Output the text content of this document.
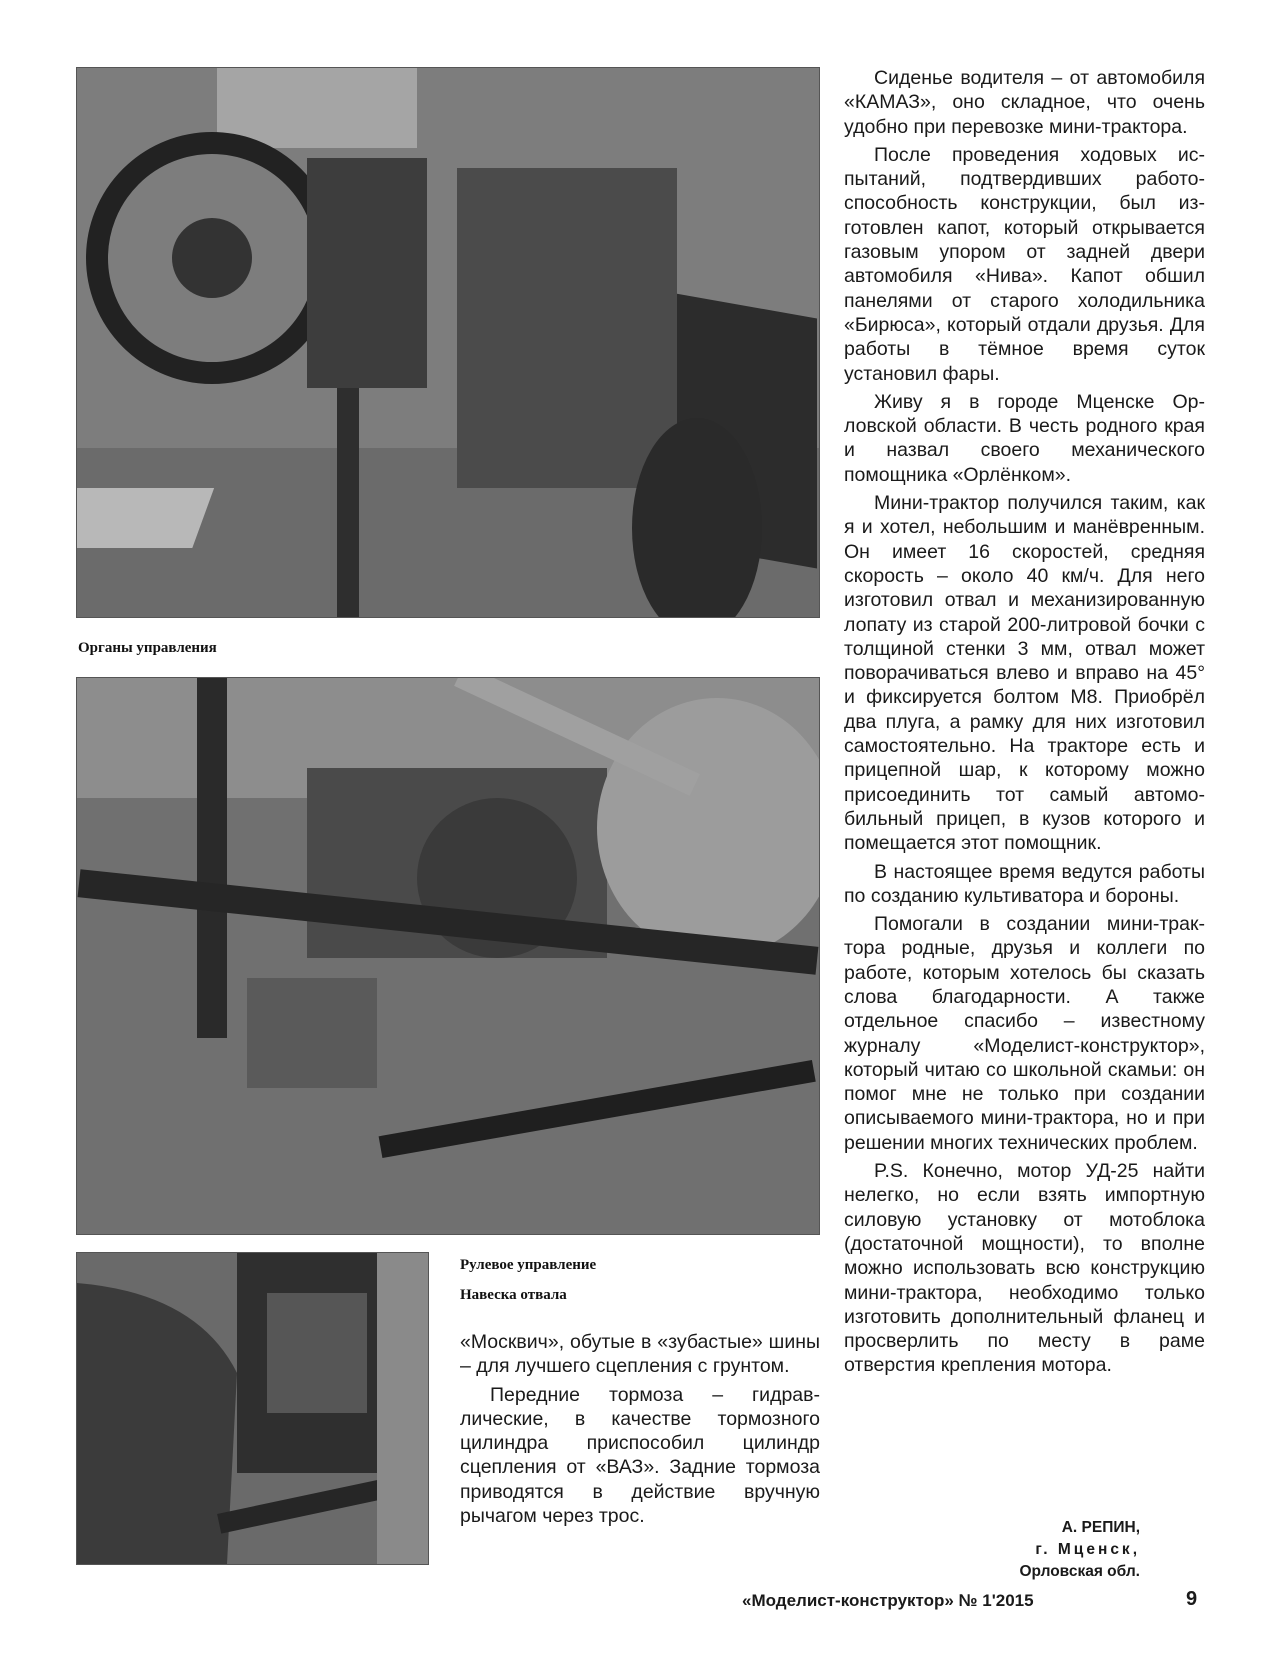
Органы управления
Рулевое управление
Навеска отвала

«Москвич», обутые в «зубастые» шины – для лучшего сцепления с грунтом.

Передние тормоза – гидравлические, в качестве тормозного цилиндра приспособил цилиндр сцепления от «ВАЗ». Задние тормоза приводятся в действие вручную рычагом через трос.

Сиденье водителя – от автомобиля «КАМАЗ», оно складное, что очень удобно при перевозке мини-трактора.

После проведения ходовых испытаний, подтвердивших работоспособность конструкции, был изготовлен капот, который открывается газовым упором от задней двери автомобиля «Нива». Капот обшил панелями от старого холодильника «Бирюса», который отдали друзья. Для работы в тёмное время суток установил фары.

Живу я в городе Мценске Орловской области. В честь родного края и назвал своего механического помощника «Орлёнком».

Мини-трактор получился таким, как я и хотел, небольшим и манёвренным. Он имеет 16 скоростей, средняя скорость – около 40 км/ч. Для него изготовил отвал и механизированную лопату из старой 200-литровой бочки с толщиной стенки 3 мм, отвал может поворачиваться влево и вправо на 45° и фиксируется болтом М8. Приобрёл два плуга, а рамку для них изготовил самостоятельно. На тракторе есть и прицепной шар, к которому можно присоединить тот самый автомобильный прицеп, в кузов которого и помещается этот помощник.

В настоящее время ведутся работы по созданию культиватора и бороны.

Помогали в создании мини-трактора родные, друзья и коллеги по работе, которым хотелось бы сказать слова благодарности. А также отдельное спасибо – известному журналу «Моделист-конструктор», который читаю со школьной скамьи: он помог мне не только при создании описываемого мини-трактора, но и при решении многих технических проблем.

P.S. Конечно, мотор УД-25 найти нелегко, но если взять импортную силовую установку от мотоблока (достаточной мощности), то вполне можно использовать всю конструкцию мини-трактора, необходимо только изготовить дополнительный фланец и просверлить по месту в раме отверстия крепления мотора.

А. РЕПИН,
г. Мценск,
Орловская обл.
«Моделист-конструктор» № 1'2015	9
